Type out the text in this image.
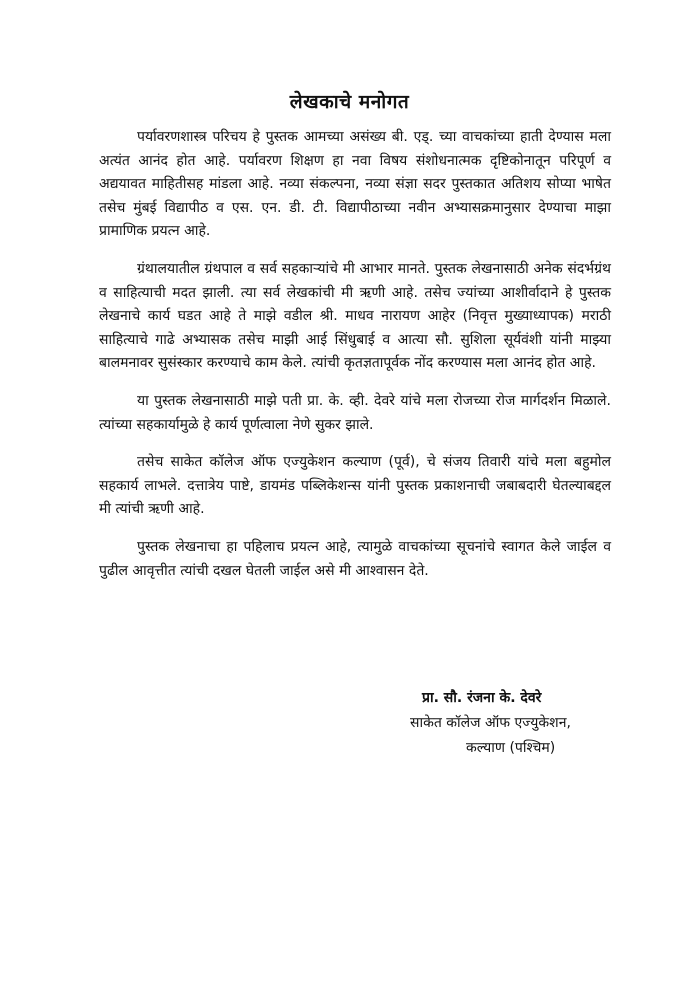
लेखकाचे मनोगत

पर्यावरणशास्त्र परिचय हे पुस्तक आमच्या असंख्य बी. एड्‌. च्या वाचकांच्या हाती देण्यास मला अत्यंत आनंद होत आहे. पर्यावरण शिक्षण हा नवा विषय संशोधनात्मक दृष्टिकोनातून परिपूर्ण व अद्ययावत माहितीसह मांडला आहे. नव्या संकल्पना, नव्या संज्ञा सदर पुस्तकात अतिशय सोप्या भाषेत तसेच मुंबई विद्यापीठ व एस. एन. डी. टी. विद्यापीठाच्या नवीन अभ्यासक्रमानुसार देण्याचा माझा प्रामाणिक प्रयत्न आहे.

ग्रंथालयातील ग्रंथपाल व सर्व सहकाऱ्यांचे मी आभार मानते. पुस्तक लेखनासाठी अनेक संदर्भग्रंथ व साहित्याची मदत झाली. त्या सर्व लेखकांची मी ऋणी आहे. तसेच ज्यांच्या आशीर्वादाने हे पुस्तक लेखनाचे कार्य घडत आहे ते माझे वडील श्री. माधव नारायण आहेर (निवृत्त मुख्याध्यापक) मराठी साहित्याचे गाढे अभ्यासक तसेच माझी आई सिंधुबाई व आत्या सौ. सुशिला सूर्यवंशी यांनी माझ्या बालमनावर सुसंस्कार करण्याचे काम केले. त्यांची कृतज्ञतापूर्वक नोंद करण्यास मला आनंद होत आहे.

या पुस्तक लेखनासाठी माझे पती प्रा. के. व्ही. देवरे यांचे मला रोजच्या रोज मार्गदर्शन मिळाले. त्यांच्या सहकार्यामुळे हे कार्य पूर्णत्वाला नेणे सुकर झाले.

तसेच साकेत कॉलेज ऑफ एज्युकेशन कल्याण (पूर्व), चे संजय तिवारी यांचे मला बहुमोल सहकार्य लाभले. दत्तात्रेय पाष्टे, डायमंड पब्लिकेशन्स यांनी पुस्तक प्रकाशनाची जबाबदारी घेतल्याबद्दल मी त्यांची ऋणी आहे.

पुस्तक लेखनाचा हा पहिलाच प्रयत्न आहे, त्यामुळे वाचकांच्या सूचनांचे स्वागत केले जाईल व पुढील आवृत्तीत त्यांची दखल घेतली जाईल असे मी आश्वासन देते.

प्रा. सौ. रंजना के. देवरे
साकेत कॉलेज ऑफ एज्युकेशन,
कल्याण (पश्चिम)
